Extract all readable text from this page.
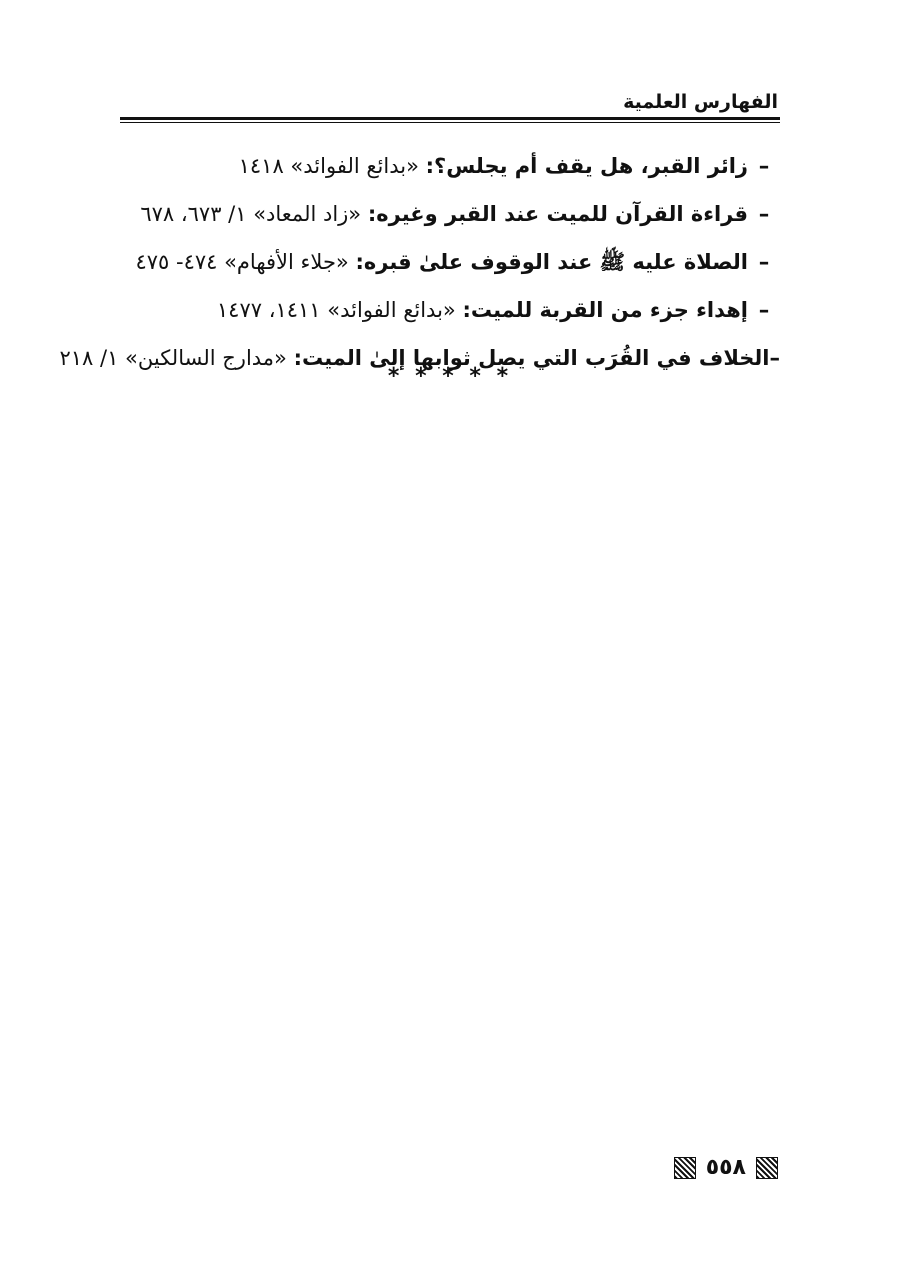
الفهارس العلمية
–
زائر القبر، هل يقف أم يجلس؟:

«بدائع الفوائد» ١٤١٨
–
قراءة القرآن للميت عند القبر وغيره:

«زاد المعاد» ١/ ٦٧٣، ٦٧٨
–
الصلاة عليه ﷺ عند الوقوف علىٰ قبره:

«جلاء الأفهام» ٤٧٤- ٤٧٥
–
إهداء جزء من القربة للميت:

«بدائع الفوائد» ١٤١١، ١٤٧٧
–
الخلاف في القُرَب التي يصل ثوابها إلىٰ الميت:

«مدارج السالكين» ١/ ٢١٨
* * * * *
٥٥٨
